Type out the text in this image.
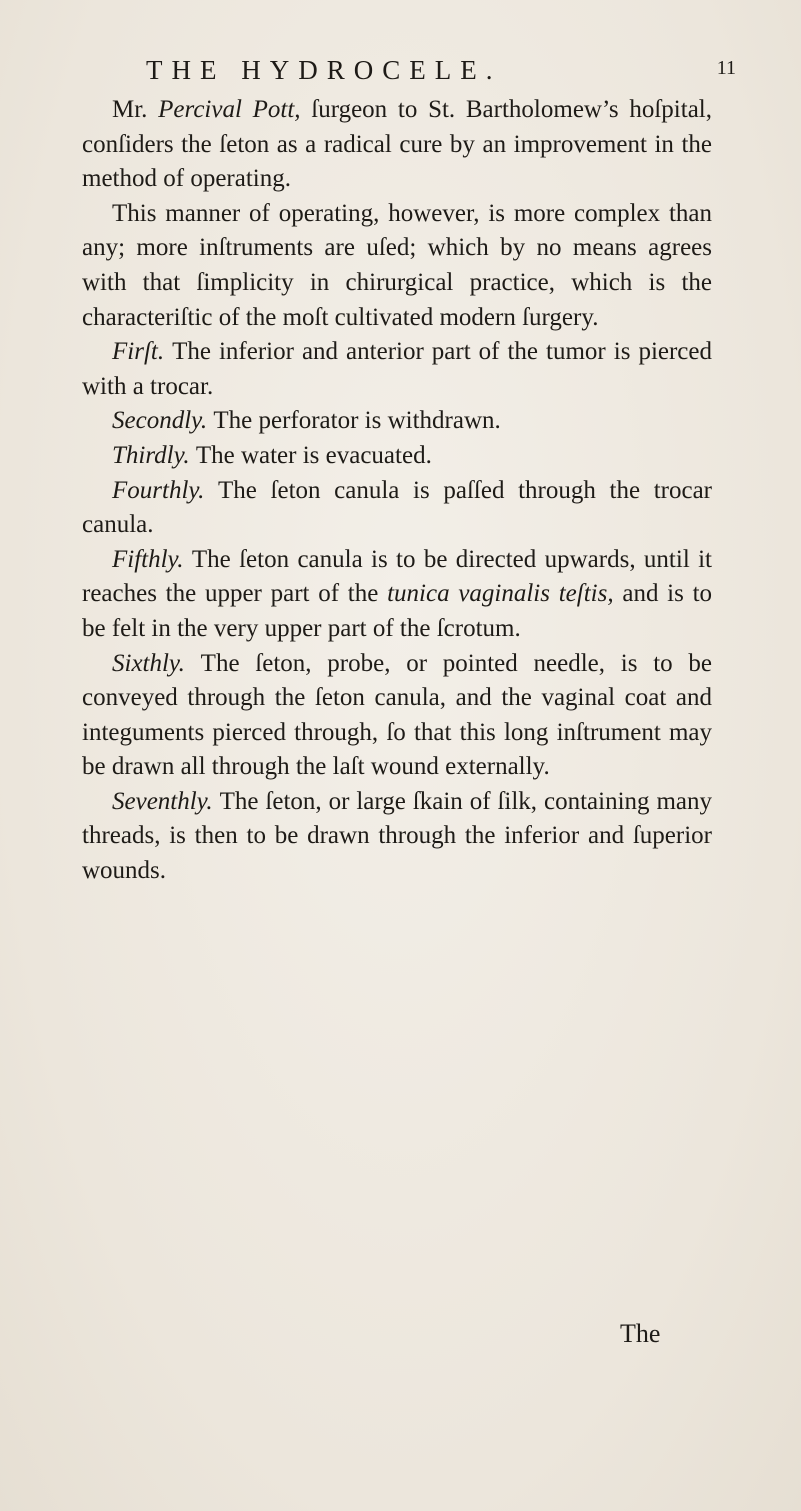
THE HYDROCELE.	11

Mr. Percival Pott, ſurgeon to St. Bartholomew’s hoſpital, conſiders the ſeton as a radical cure by an improvement in the method of operating.

This manner of operating, however, is more complex than any; more inſtruments are uſed; which by no means agrees with that ſimplicity in chirurgical practice, which is the characteriſtic of the moſt cultivated modern ſurgery.

Firſt. The inferior and anterior part of the tumor is pierced with a trocar.

Secondly. The perforator is withdrawn.

Thirdly. The water is evacuated.

Fourthly. The ſeton canula is paſſed through the trocar canula.

Fifthly. The ſeton canula is to be directed upwards, until it reaches the upper part of the tunica vaginalis teſtis, and is to be felt in the very upper part of the ſcrotum.

Sixthly. The ſeton, probe, or pointed needle, is to be conveyed through the ſeton canula, and the vaginal coat and integuments pierced through, ſo that this long inſtrument may be drawn all through the laſt wound externally.

Seventhly. The ſeton, or large ſkain of ſilk, containing many threads, is then to be drawn through the inferior and ſuperior wounds.

The
